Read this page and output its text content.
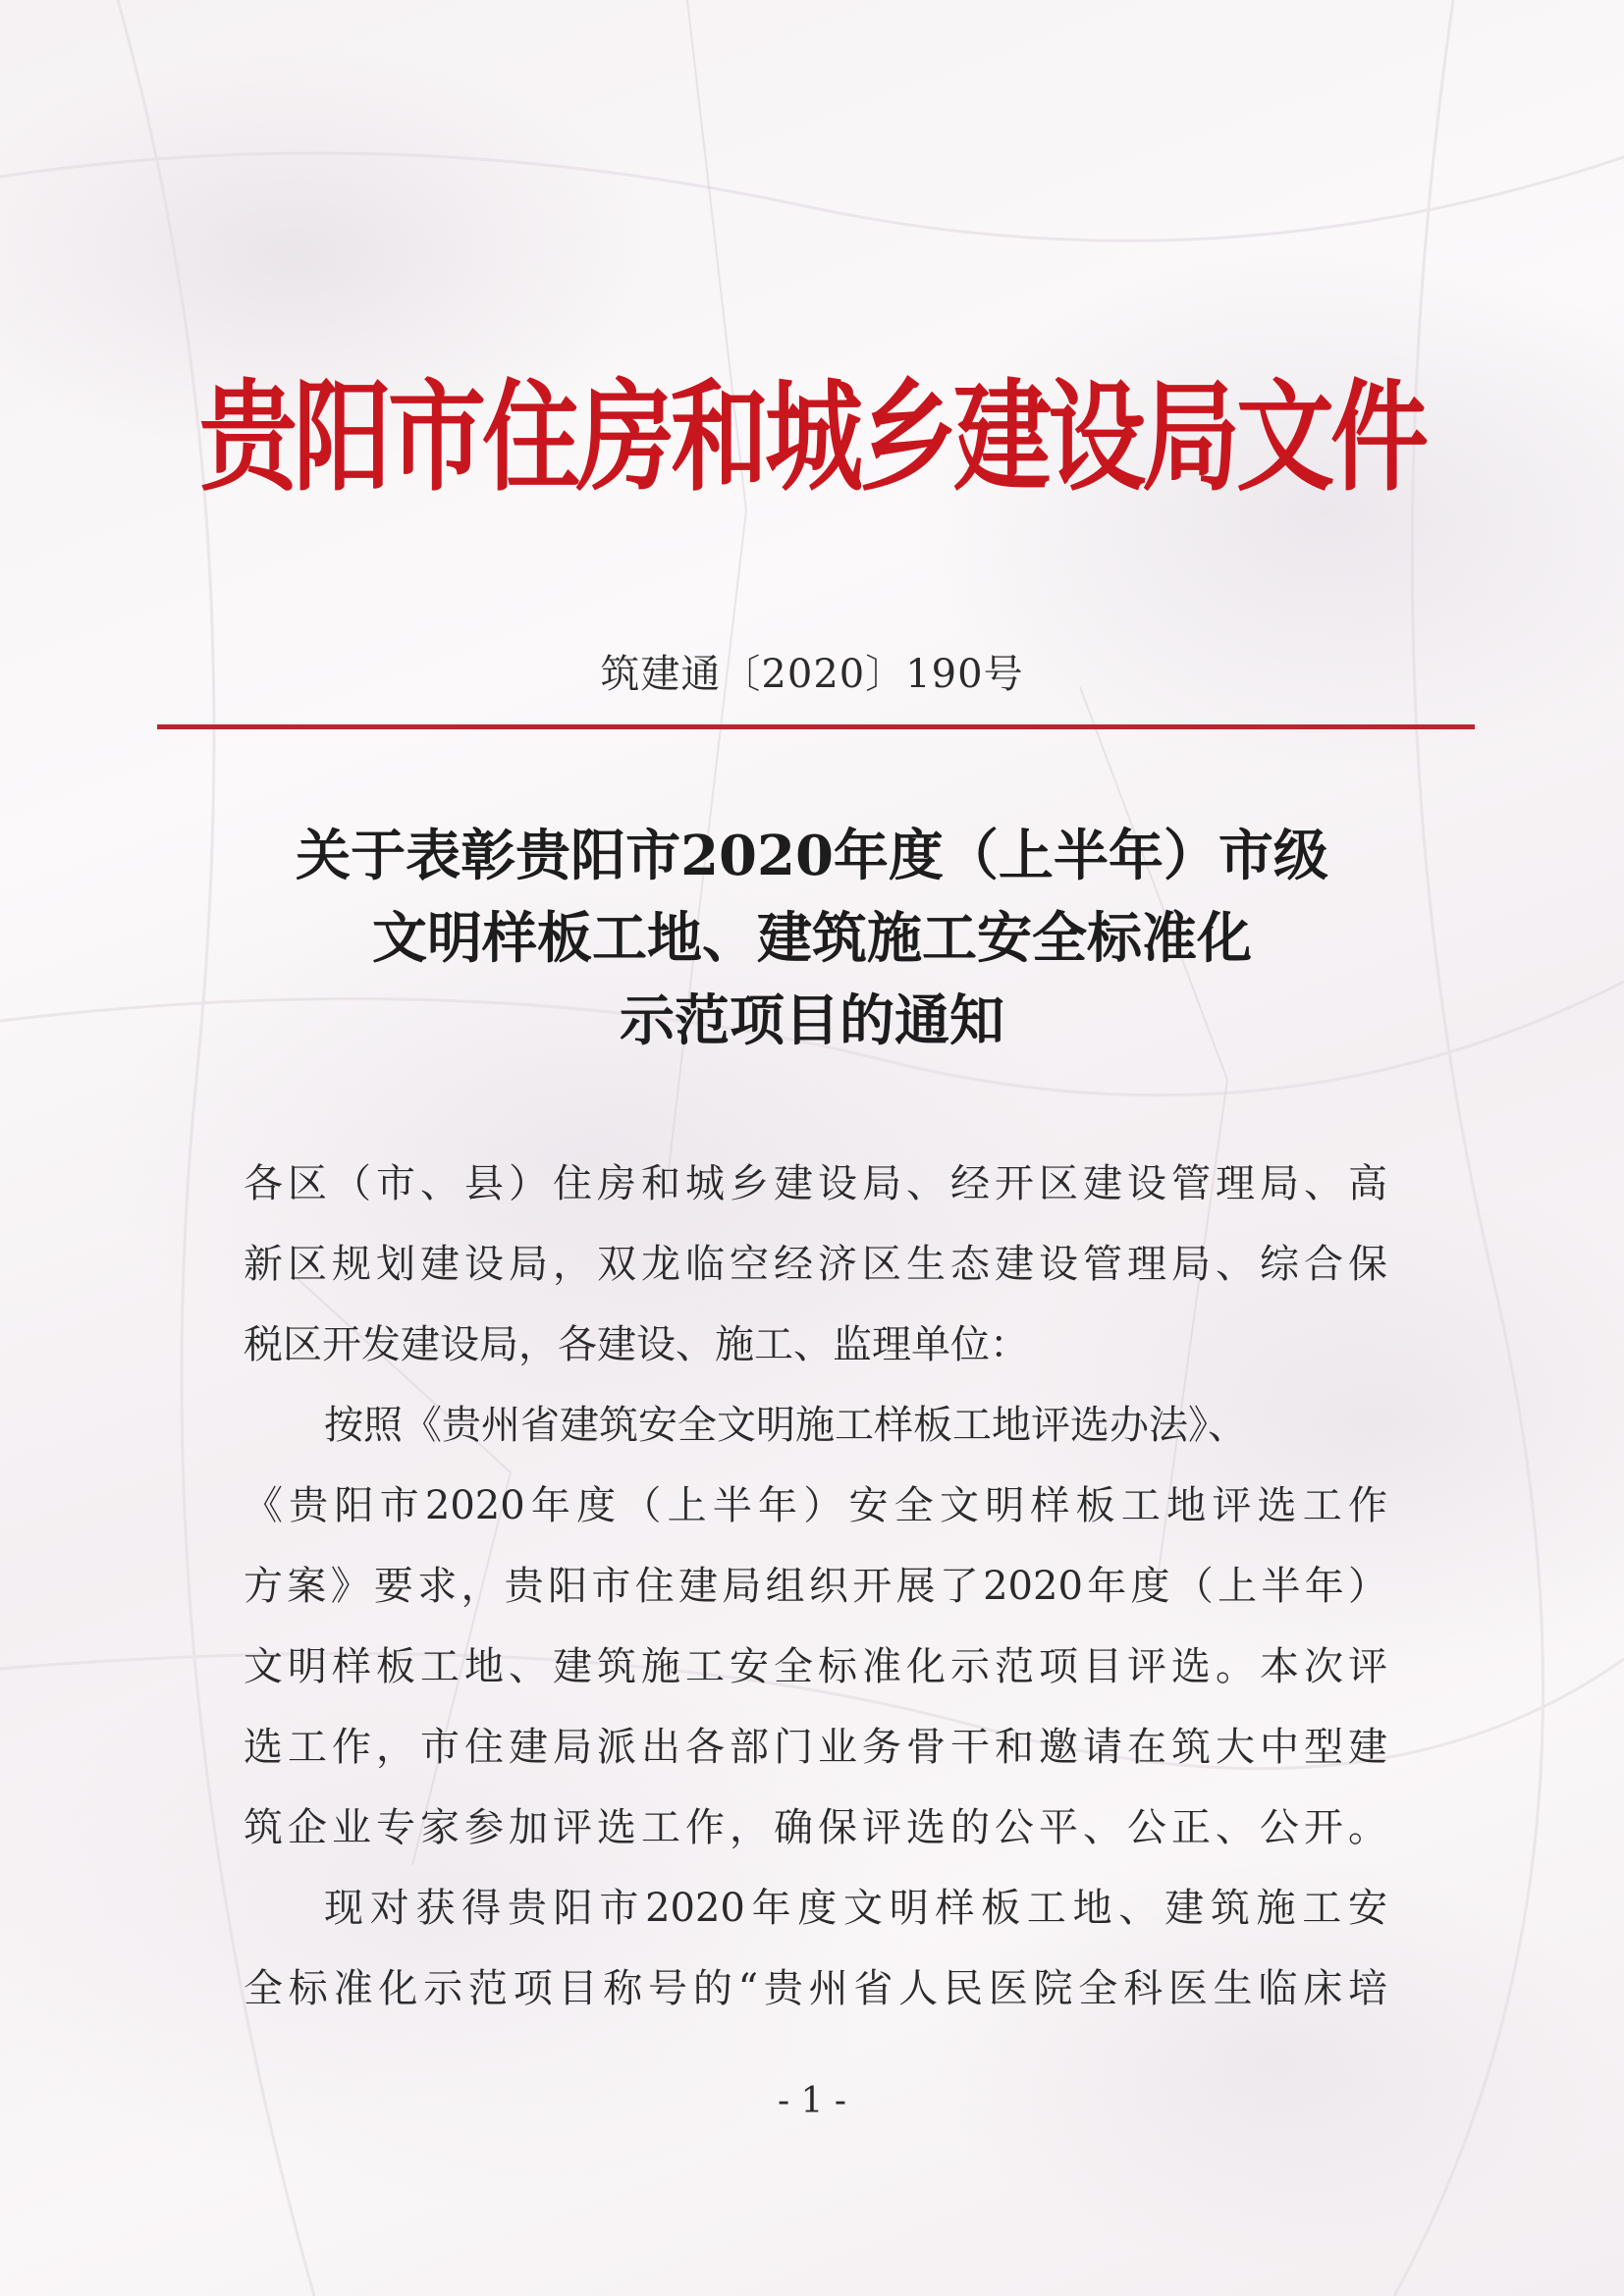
贵阳市住房和城乡建设局文件
筑建通〔2020〕190号
关于表彰贵阳市2020年度（上半年）市级
文明样板工地、建筑施工安全标准化
示范项目的通知
各区（市、县）住房和城乡建设局、经开区建设管理局、高
新区规划建设局，双龙临空经济区生态建设管理局、综合保
税区开发建设局，各建设、施工、监理单位：
按照《贵州省建筑安全文明施工样板工地评选办法》、
《贵阳市2020年度（上半年）安全文明样板工地评选工作
方案》要求，贵阳市住建局组织开展了2020年度（上半年）
文明样板工地、建筑施工安全标准化示范项目评选。本次评
选工作，市住建局派出各部门业务骨干和邀请在筑大中型建
筑企业专家参加评选工作，确保评选的公平、公正、公开。
现对获得贵阳市2020年度文明样板工地、建筑施工安
全标准化示范项目称号的“贵州省人民医院全科医生临床培
- 1 -
